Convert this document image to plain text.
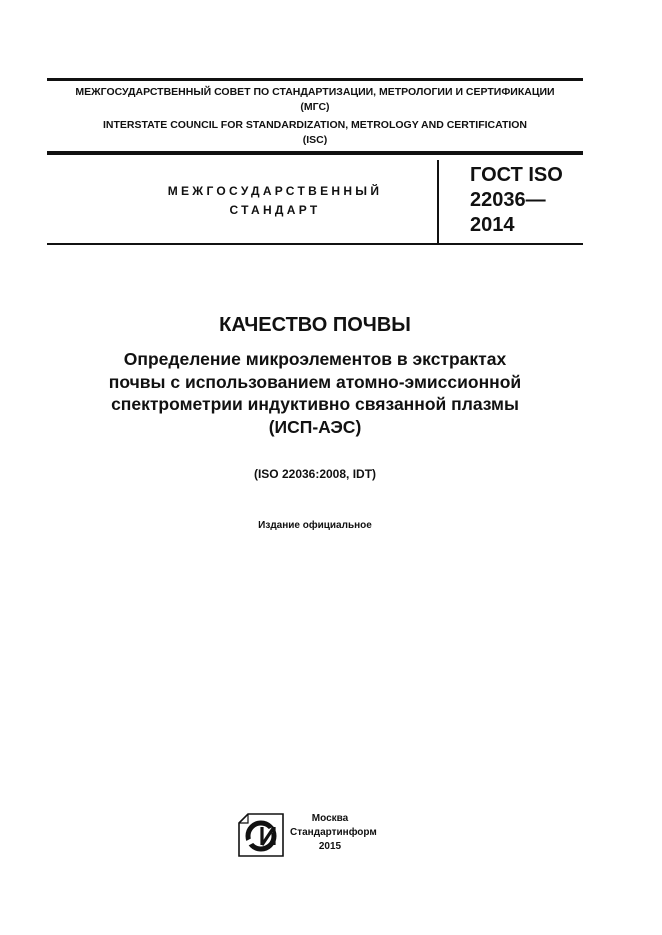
МЕЖГОСУДАРСТВЕННЫЙ СОВЕТ ПО СТАНДАРТИЗАЦИИ, МЕТРОЛОГИИ И СЕРТИФИКАЦИИ
(МГС)
INTERSTATE COUNCIL FOR STANDARDIZATION, METROLOGY AND CERTIFICATION
(ISC)
МЕЖГОСУДАРСТВЕННЫЙ
СТАНДАРТ
ГОСТ ISO
22036—
2014
КАЧЕСТВО ПОЧВЫ
Определение микроэлементов в экстрактах
почвы с использованием атомно-эмиссионной
спектрометрии индуктивно связанной плазмы
(ИСП-АЭС)
(ISO 22036:2008, IDT)
Издание официальное
Москва
Стандартинформ
2015
